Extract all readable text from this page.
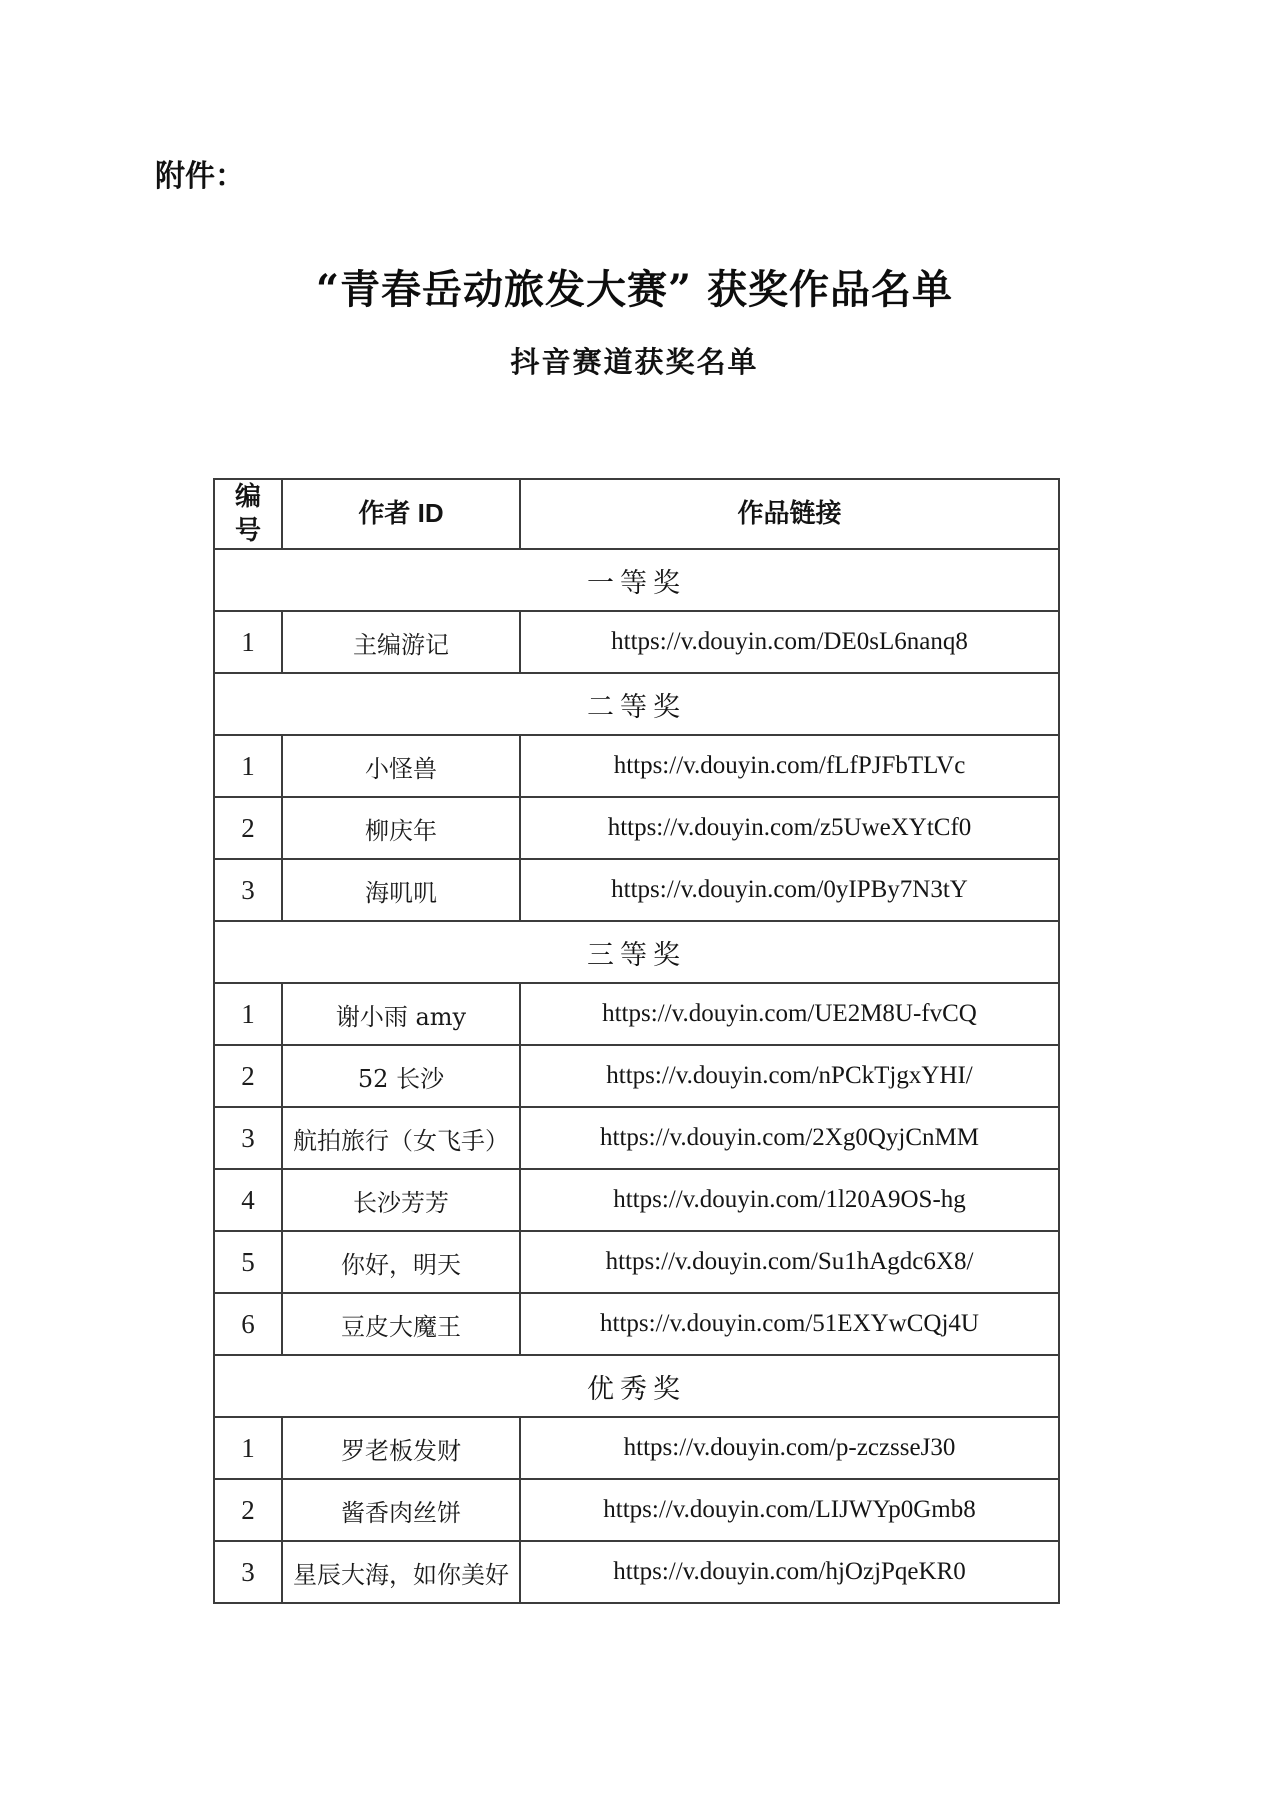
附件：
“青春岳动旅发大赛” 获奖作品名单
抖音赛道获奖名单
编号	作者 ID	作品链接
一等奖		
1	主编游记	https://v.douyin.com/DE0sL6nanq8
二等奖		
1	小怪兽	https://v.douyin.com/fLfPJFbTLVc
2	柳庆年	https://v.douyin.com/z5UweXYtCf0
3	海叽叽	https://v.douyin.com/0yIPBy7N3tY
三等奖		
1	谢小雨 amy	https://v.douyin.com/UE2M8U-fvCQ
2	52 长沙	https://v.douyin.com/nPCkTjgxYHI/
3	航拍旅行（女飞手）	https://v.douyin.com/2Xg0QyjCnMM
4	长沙芳芳	https://v.douyin.com/1l20A9OS-hg
5	你好，明天	https://v.douyin.com/Su1hAgdc6X8/
6	豆皮大魔王	https://v.douyin.com/51EXYwCQj4U
优秀奖		
1	罗老板发财	https://v.douyin.com/p-zczsseJ30
2	酱香肉丝饼	https://v.douyin.com/LIJWYp0Gmb8
3	星辰大海，如你美好	https://v.douyin.com/hjOzjPqeKR0
